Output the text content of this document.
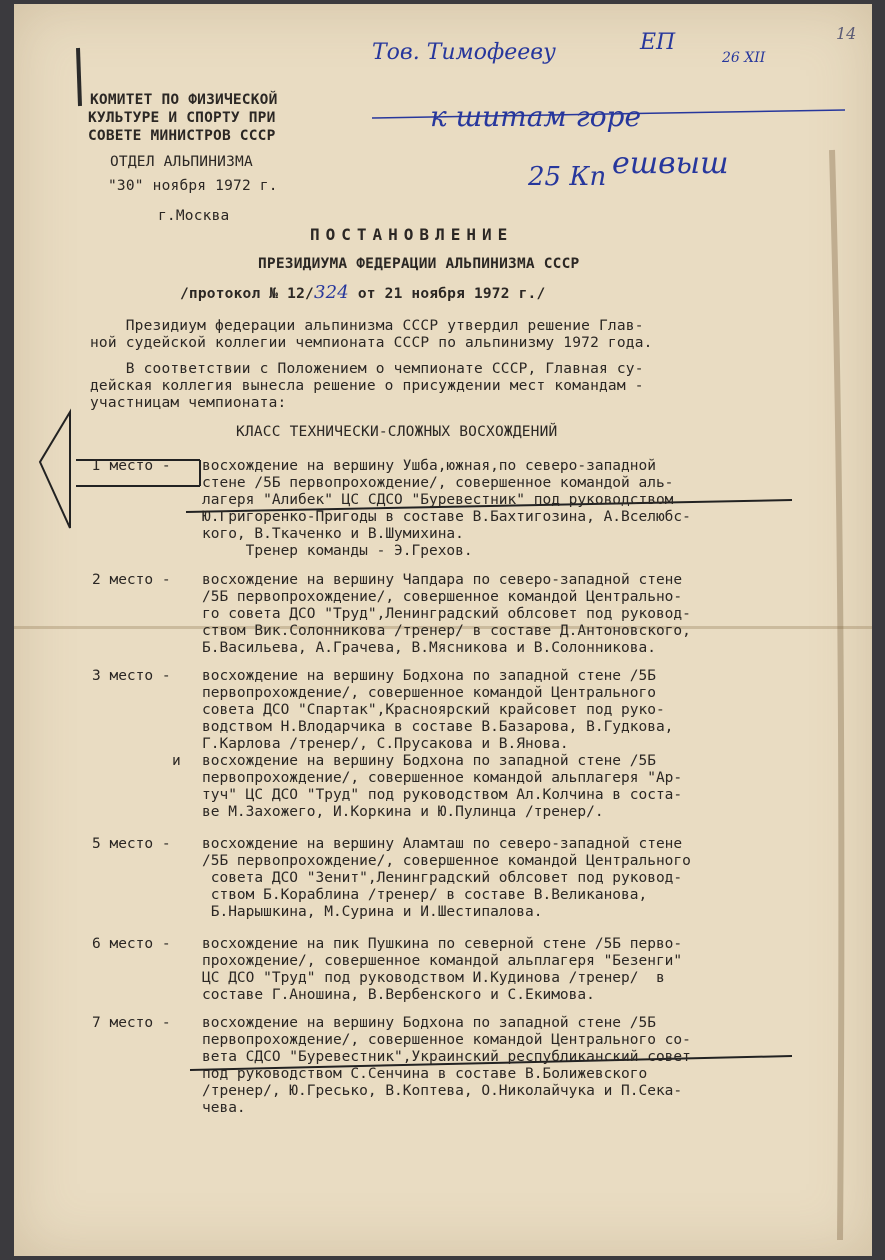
КОМИТЕТ ПО ФИЗИЧЕСКОЙ
КУЛЬТУРЕ И СПОРТУ ПРИ
СОВЕТЕ МИНИСТРОВ СССР
ОТДЕЛ АЛЬПИНИЗМА
"30" ноября 1972 г.
г.Москва
Тов. Тимофееву	ЕП
26 XII
14
к шитам горе
25 Кп ешвыш
ПОСТАНОВЛЕНИЕ
ПРЕЗИДИУМА ФЕДЕРАЦИИ АЛЬПИНИЗМА СССР
/протокол № 12/324 от 21 ноября 1972 г./
Президиум федерации альпинизма СССР утвердил решение Глав-
ной судейской коллегии чемпионата СССР по альпинизму 1972 года.
В соответствии с Положением о чемпионате СССР, Главная су-
дейская коллегия вынесла решение о присуждении мест командам -
участницам чемпионата:
КЛАСС ТЕХНИЧЕСКИ-СЛОЖНЫХ ВОСХОЖДЕНИЙ
I место - восхождение на вершину Ушба,южная,по северо-западной
стене /5Б первопрохождение/, совершенное командой аль-
лагеря "Алибек" ЦС СДСО "Буревестник" под руководством
Ю.Григоренко-Пригоды в составе В.Бахтигозина, А.Вселюбс-
кого, В.Ткаченко и В.Шумихина.
Тренер команды - Э.Грехов.
2 место - восхождение на вершину Чапдара по северо-западной стене
/5Б первопрохождение/, совершенное командой Центрально-
го совета ДСО "Труд",Ленинградский облсовет под руковод-
ством Вик.Солонникова /тренер/ в составе Д.Антоновского,
Б.Васильева, А.Грачева, В.Мясникова и В.Солонникова.
3 место -
и
восхождение на вершину Бодхона по западной стене /5Б
первопрохождение/, совершенное командой Центрального
совета ДСО "Спартак",Красноярский крайсовет под руко-
водством Н.Влодарчика в составе В.Базарова, В.Гудкова,
Г.Карлова /тренер/, С.Прусакова и В.Янова.
восхождение на вершину Бодхона по западной стене /5Б
первопрохождение/, совершенное командой альплагеря "Ар-
туч" ЦС ДСО "Труд" под руководством Ал.Колчина в соста-
ве М.Захожего, И.Коркина и Ю.Пулинца /тренер/.
5 место - восхождение на вершину Аламташ по северо-западной стене
/5Б первопрохождение/, совершенное командой Центрального
совета ДСО "Зенит",Ленинградский облсовет под руковод-
ством Б.Кораблина /тренер/ в составе В.Великанова,
Б.Нарышкина, М.Сурина и И.Шестипалова.
6 место - восхождение на пик Пушкина по северной стене /5Б перво-
прохождение/, совершенное командой альплагеря "Безенги"
ЦС ДСО "Труд" под руководством И.Кудинова /тренер/  в
составе Г.Аношина, В.Вербенского и С.Екимова.
7 место - восхождение на вершину Бодхона по западной стене /5Б
первопрохождение/, совершенное командой Центрального со-
вета СДСО "Буревестник",Украинский республиканский совет
под руководством С.Сенчина в составе В.Болижевского
/тренер/, Ю.Гресько, В.Коптева, О.Николайчука и П.Сека-
чева.
